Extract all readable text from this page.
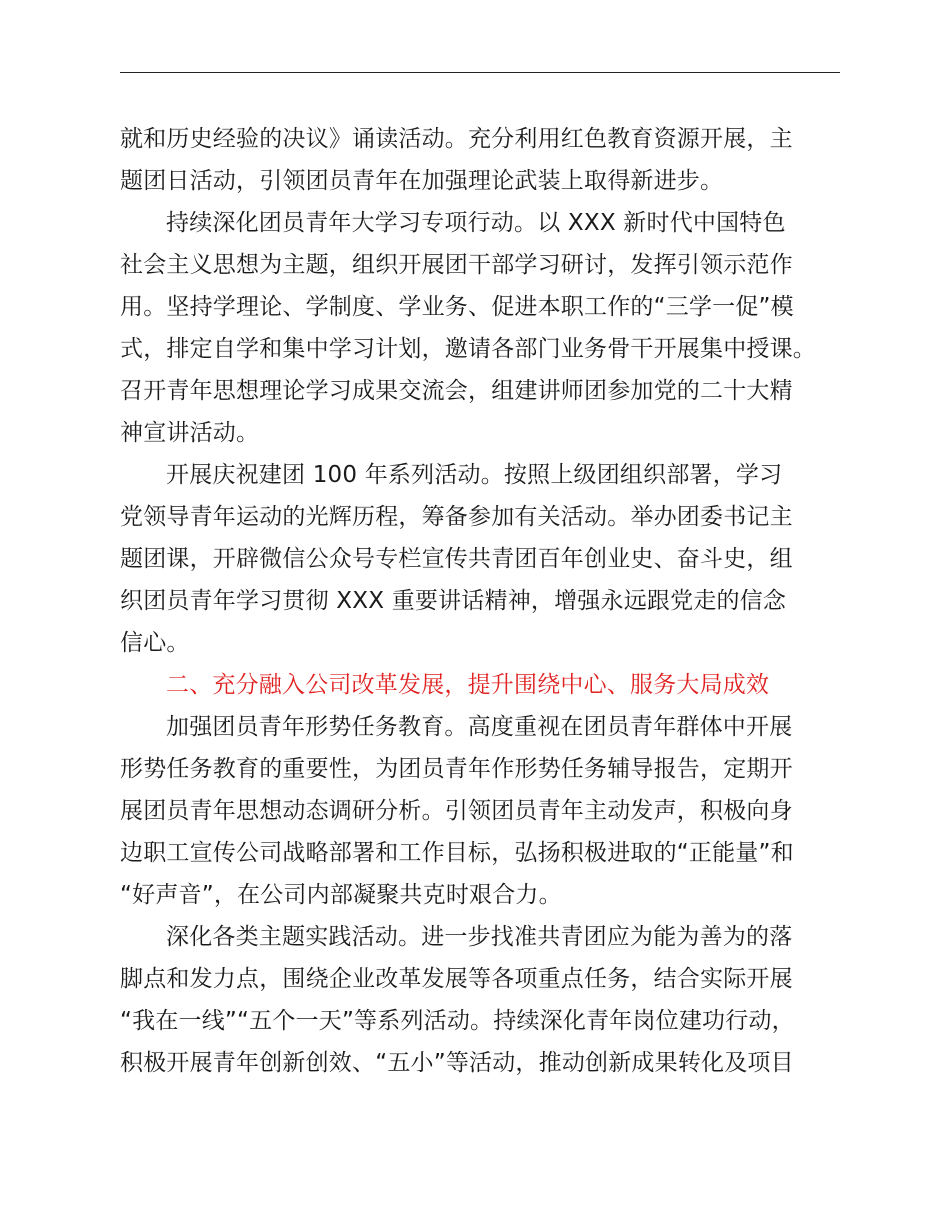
就和历史经验的决议》诵读活动。充分利用红色教育资源开展，主
题团日活动，引领团员青年在加强理论武装上取得新进步。
持续深化团员青年大学习专项行动。以 XXX 新时代中国特色
社会主义思想为主题，组织开展团干部学习研讨，发挥引领示范作
用。坚持学理论、学制度、学业务、促进本职工作的“三学一促”模
式，排定自学和集中学习计划，邀请各部门业务骨干开展集中授课。
召开青年思想理论学习成果交流会，组建讲师团参加党的二十大精
神宣讲活动。
开展庆祝建团 100 年系列活动。按照上级团组织部署，学习
党领导青年运动的光辉历程，筹备参加有关活动。举办团委书记主
题团课，开辟微信公众号专栏宣传共青团百年创业史、奋斗史，组
织团员青年学习贯彻 XXX 重要讲话精神，增强永远跟党走的信念
信心。
二、充分融入公司改革发展，提升围绕中心、服务大局成效
加强团员青年形势任务教育。高度重视在团员青年群体中开展
形势任务教育的重要性，为团员青年作形势任务辅导报告，定期开
展团员青年思想动态调研分析。引领团员青年主动发声，积极向身
边职工宣传公司战略部署和工作目标，弘扬积极进取的“正能量”和
“好声音”，在公司内部凝聚共克时艰合力。
深化各类主题实践活动。进一步找准共青团应为能为善为的落
脚点和发力点，围绕企业改革发展等各项重点任务，结合实际开展
“我在一线”“五个一天”等系列活动。持续深化青年岗位建功行动，
积极开展青年创新创效、“五小”等活动，推动创新成果转化及项目
